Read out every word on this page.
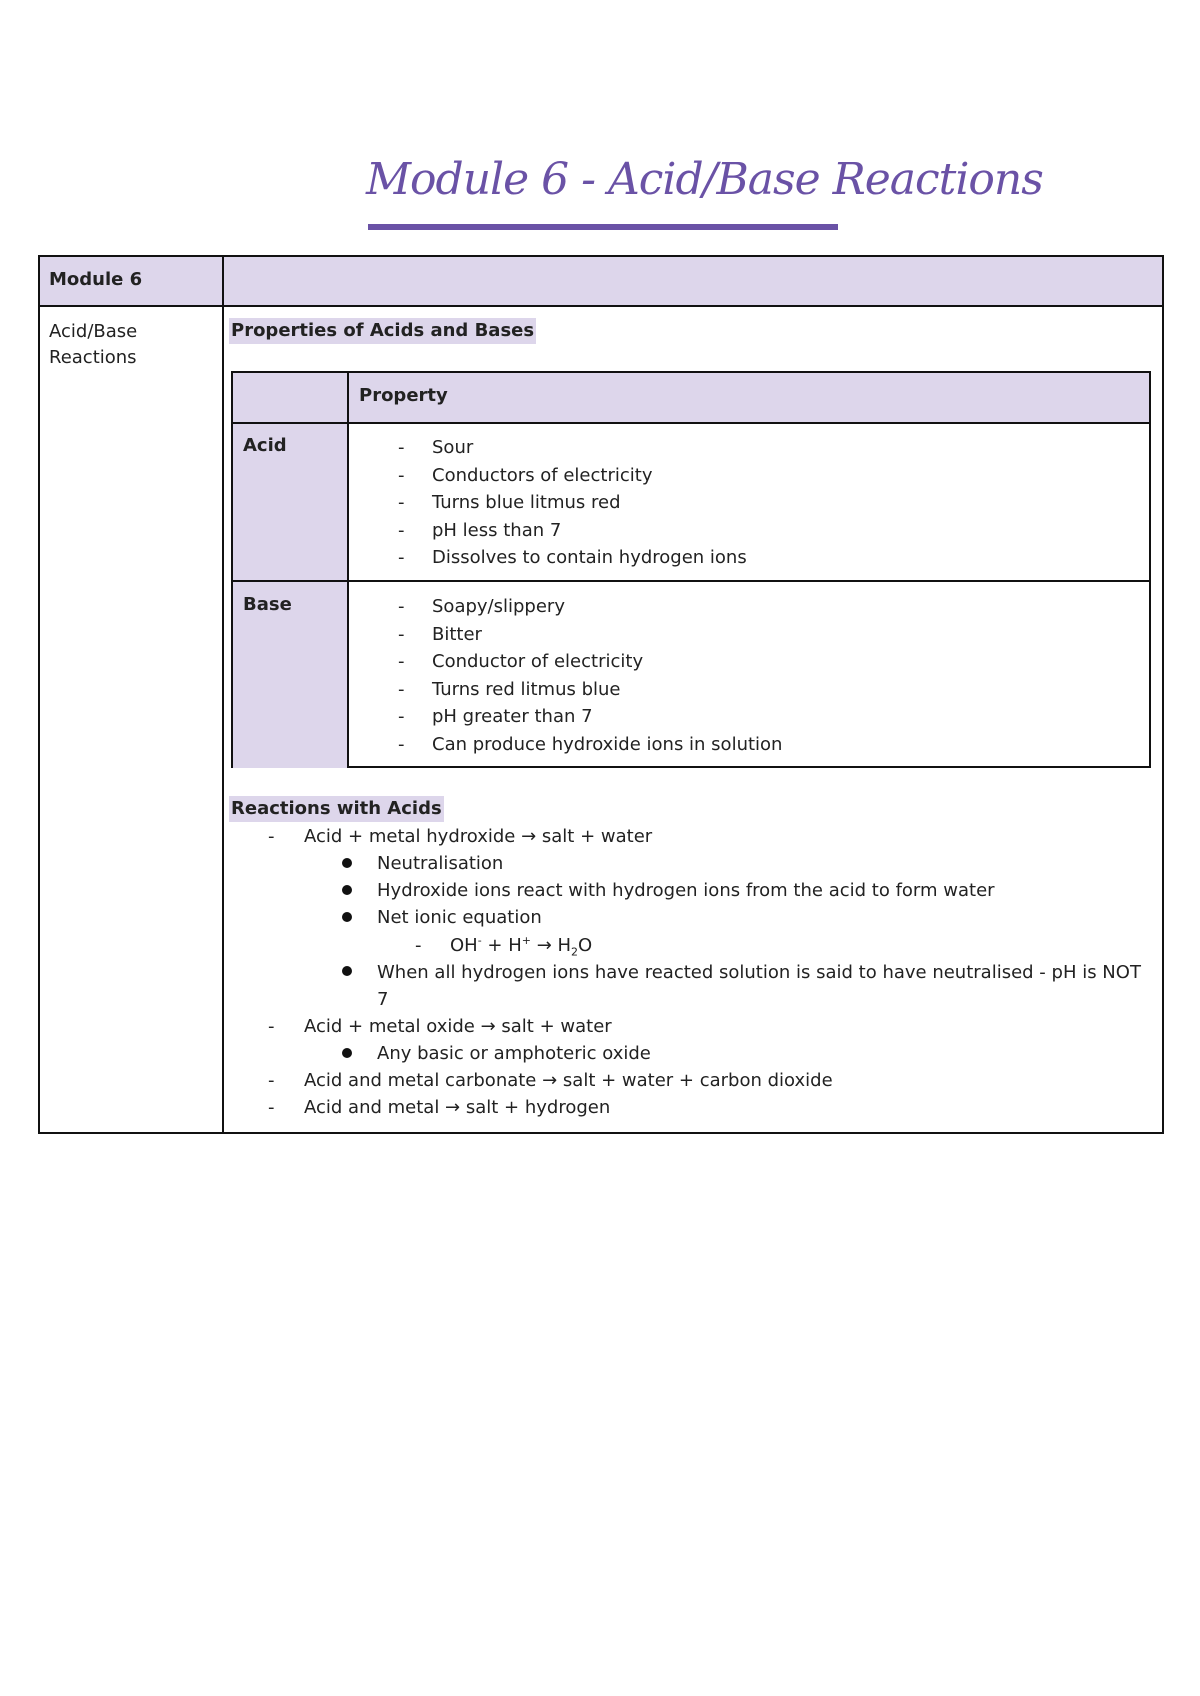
Module 6 - Acid/Base Reactions
Module 6
Acid/Base Reactions
Properties of Acids and Bases
Property
Acid
Base
- Sour
- Conductors of electricity
- Turns blue litmus red
- pH less than 7
- Dissolves to contain hydrogen ions
- Soapy/slippery
- Bitter
- Conductor of electricity
- Turns red litmus blue
- pH greater than 7
- Can produce hydroxide ions in solution
Reactions with Acids
- Acid + metal hydroxide → salt + water
Neutralisation
Hydroxide ions react with hydrogen ions from the acid to form water
Net ionic equation
- $OH^- + H^+ \to H_2O$
When all hydrogen ions have reacted solution is said to have neutralised - pH is NOT
7
- Acid + metal oxide → salt + water
Any basic or amphoteric oxide
- Acid and metal carbonate → salt + water + carbon dioxide
- Acid and metal → salt + hydrogen
